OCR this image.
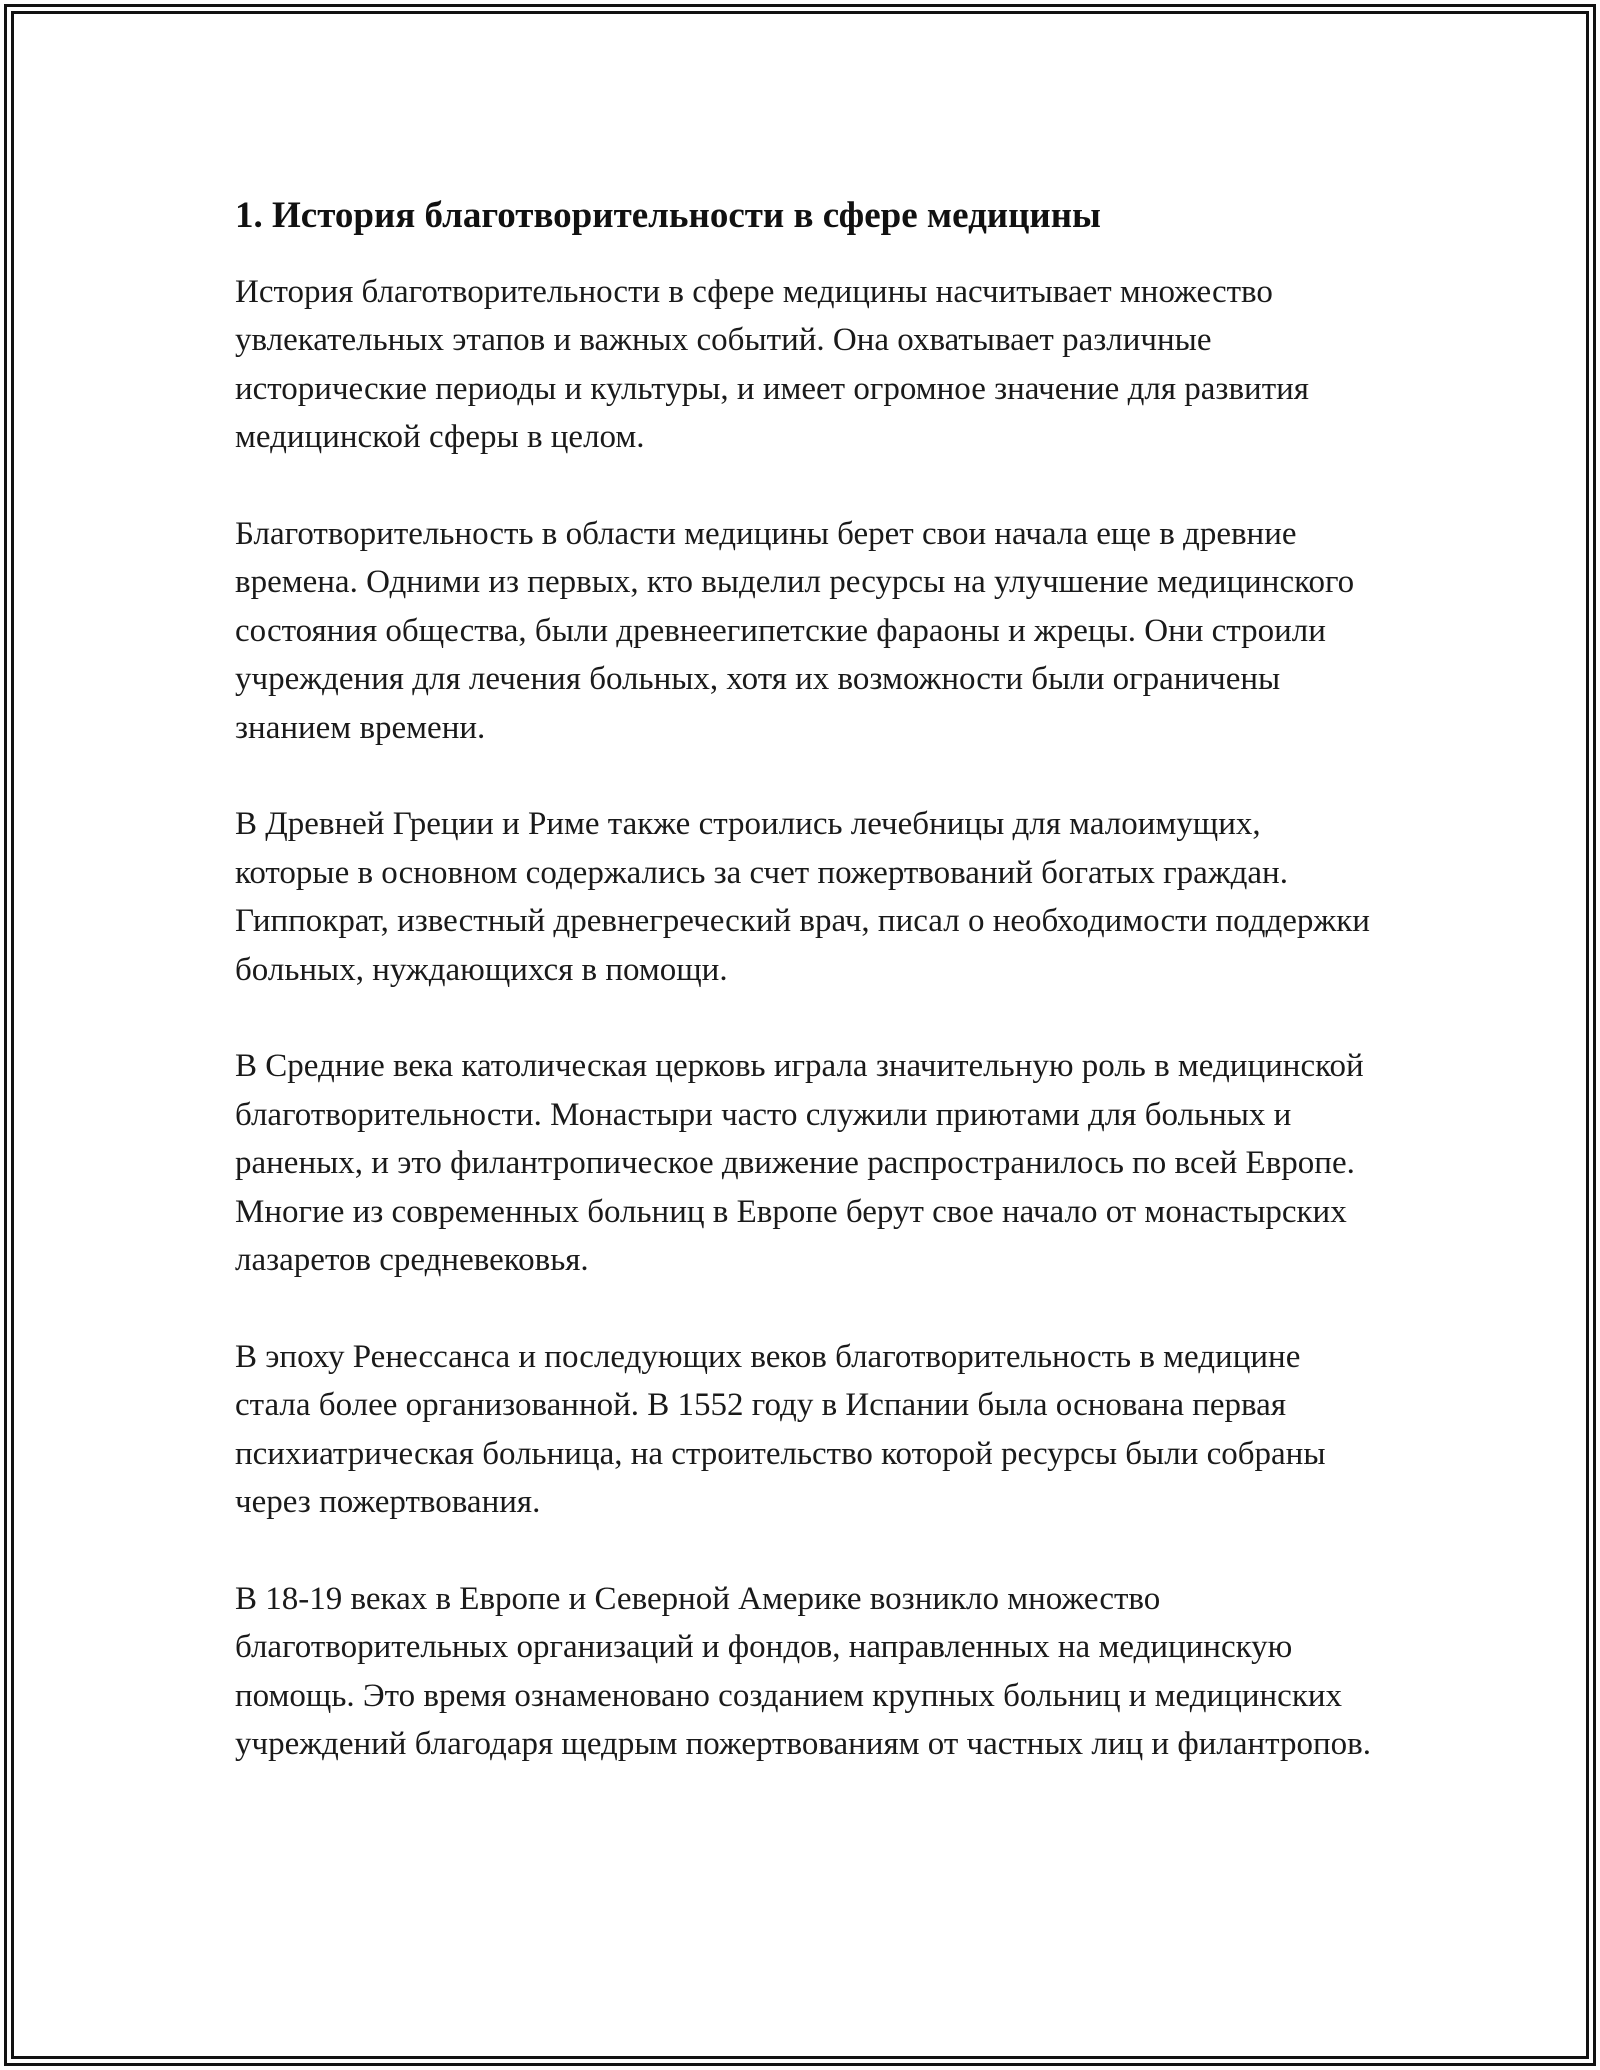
1. История благотворительности в сфере медицины

История благотворительности в сфере медицины насчитывает множество увлекательных этапов и важных событий. Она охватывает различные исторические периоды и культуры, и имеет огромное значение для развития медицинской сферы в целом.

Благотворительность в области медицины берет свои начала еще в древние времена. Одними из первых, кто выделил ресурсы на улучшение медицинского состояния общества, были древнеегипетские фараоны и жрецы. Они строили учреждения для лечения больных, хотя их возможности были ограничены знанием времени.

В Древней Греции и Риме также строились лечебницы для малоимущих, которые в основном содержались за счет пожертвований богатых граждан. Гиппократ, известный древнегреческий врач, писал о необходимости поддержки больных, нуждающихся в помощи.

В Средние века католическая церковь играла значительную роль в медицинской благотворительности. Монастыри часто служили приютами для больных и раненых, и это филантропическое движение распространилось по всей Европе. Многие из современных больниц в Европе берут свое начало от монастырских лазаретов средневековья.

В эпоху Ренессанса и последующих веков благотворительность в медицине стала более организованной. В 1552 году в Испании была основана первая психиатрическая больница, на строительство которой ресурсы были собраны через пожертвования.

В 18-19 веках в Европе и Северной Америке возникло множество благотворительных организаций и фондов, направленных на медицинскую помощь. Это время ознаменовано созданием крупных больниц и медицинских учреждений благодаря щедрым пожертвованиям от частных лиц и филантропов.
